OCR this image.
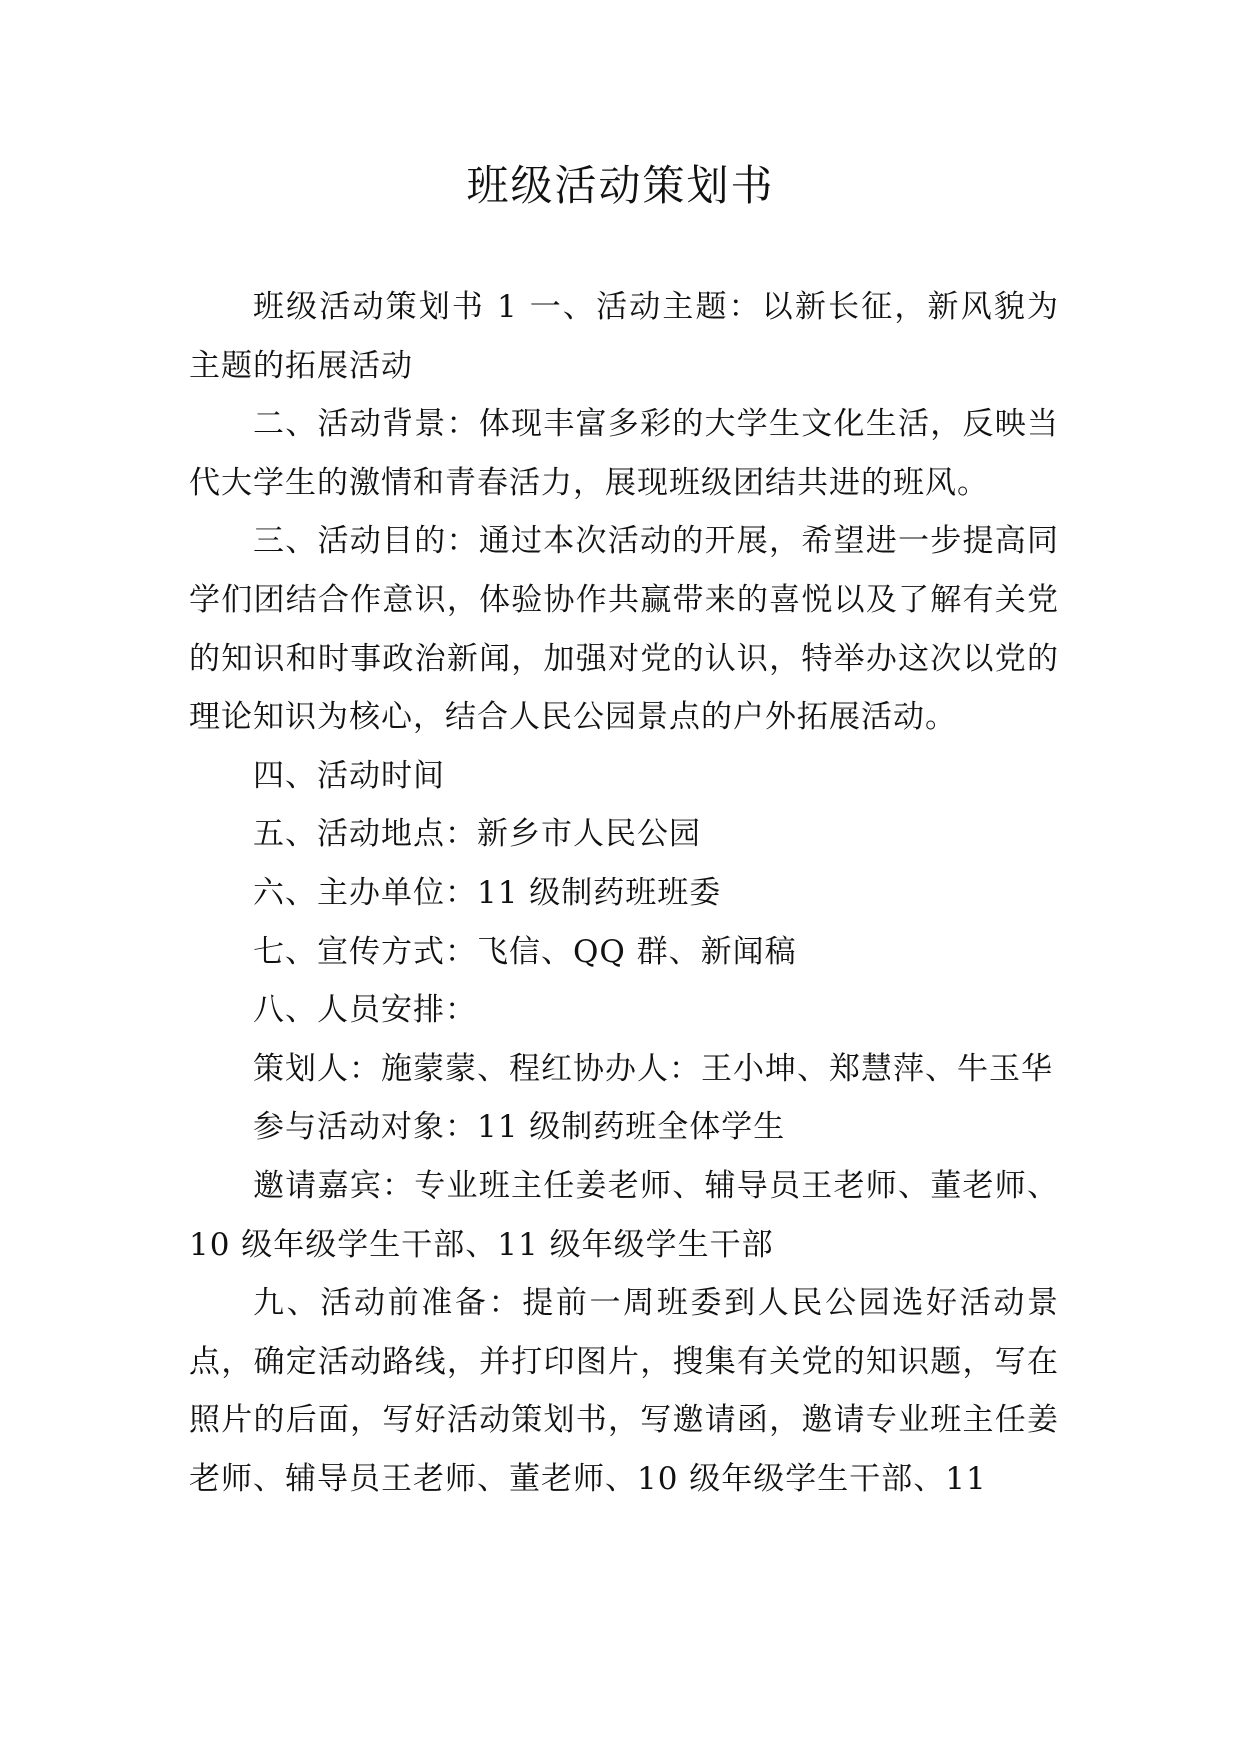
班级活动策划书

班级活动策划书 1 一、活动主题：以新长征，新风貌为主题的拓展活动

二、活动背景：体现丰富多彩的大学生文化生活，反映当代大学生的激情和青春活力，展现班级团结共进的班风。

三、活动目的：通过本次活动的开展，希望进一步提高同学们团结合作意识，体验协作共赢带来的喜悦以及了解有关党的知识和时事政治新闻，加强对党的认识，特举办这次以党的理论知识为核心，结合人民公园景点的户外拓展活动。

四、活动时间

五、活动地点：新乡市人民公园

六、主办单位：11 级制药班班委

七、宣传方式：飞信、QQ 群、新闻稿

八、人员安排：

策划人：施蒙蒙、程红协办人：王小坤、郑慧萍、牛玉华

参与活动对象：11 级制药班全体学生

邀请嘉宾：专业班主任姜老师、辅导员王老师、董老师、10 级年级学生干部、11 级年级学生干部

九、活动前准备：提前一周班委到人民公园选好活动景点，确定活动路线，并打印图片，搜集有关党的知识题，写在照片的后面，写好活动策划书，写邀请函，邀请专业班主任姜老师、辅导员王老师、董老师、10 级年级学生干部、11
